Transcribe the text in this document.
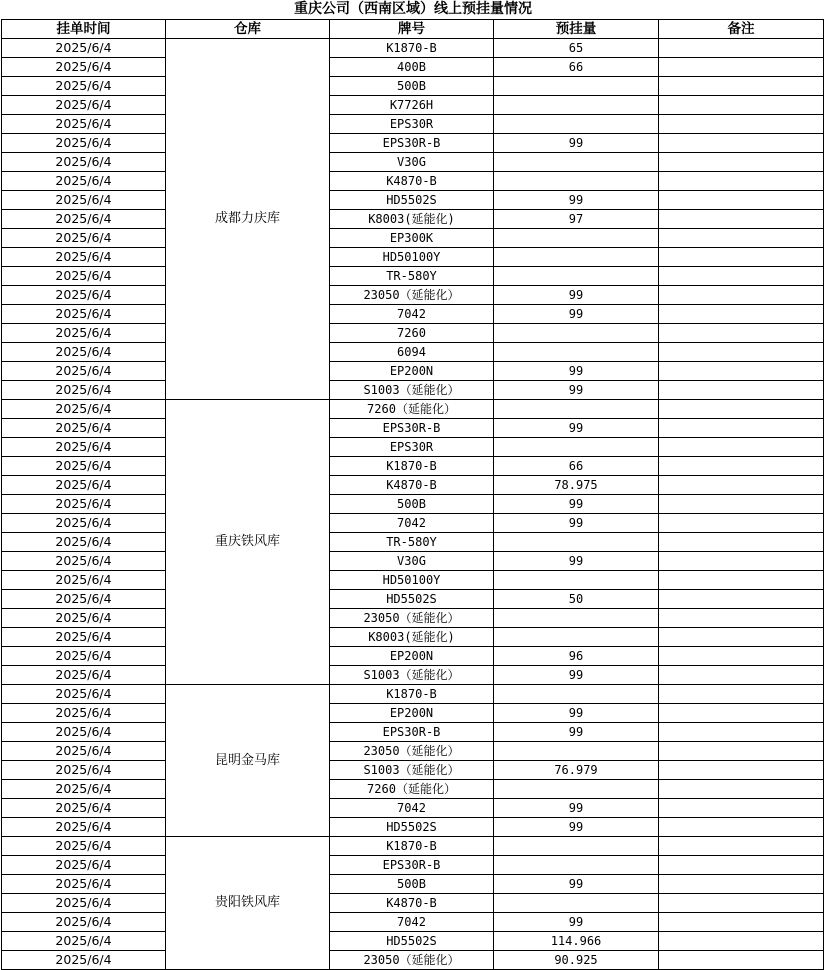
重庆公司（西南区域）线上预挂量情况
挂单时间	仓库	牌号	预挂量	备注
2025/6/4	成都力庆库	K1870-B	65	
2025/6/4		400B	66	
2025/6/4		500B		
2025/6/4		K7726H		
2025/6/4		EPS30R		
2025/6/4		EPS30R-B	99	
2025/6/4		V30G		
2025/6/4		K4870-B		
2025/6/4		HD5502S	99	
2025/6/4		K8003(延能化)	97	
2025/6/4		EP300K		
2025/6/4		HD50100Y		
2025/6/4		TR-580Y		
2025/6/4		23050（延能化）	99	
2025/6/4		7042	99	
2025/6/4		7260		
2025/6/4		6094		
2025/6/4		EP200N	99	
2025/6/4		S1003（延能化）	99	
2025/6/4	重庆铁风库	7260（延能化）		
2025/6/4		EPS30R-B	99	
2025/6/4		EPS30R		
2025/6/4		K1870-B	66	
2025/6/4		K4870-B	78.975	
2025/6/4		500B	99	
2025/6/4		7042	99	
2025/6/4		TR-580Y		
2025/6/4		V30G	99	
2025/6/4		HD50100Y		
2025/6/4		HD5502S	50	
2025/6/4		23050（延能化）		
2025/6/4		K8003(延能化)		
2025/6/4		EP200N	96	
2025/6/4		S1003（延能化）	99	
2025/6/4	昆明金马库	K1870-B		
2025/6/4		EP200N	99	
2025/6/4		EPS30R-B	99	
2025/6/4		23050（延能化）		
2025/6/4		S1003（延能化）	76.979	
2025/6/4		7260（延能化）		
2025/6/4		7042	99	
2025/6/4		HD5502S	99	
2025/6/4	贵阳铁风库	K1870-B		
2025/6/4		EPS30R-B		
2025/6/4		500B	99	
2025/6/4		K4870-B		
2025/6/4		7042	99	
2025/6/4		HD5502S	114.966	
2025/6/4		23050（延能化）	90.925	
